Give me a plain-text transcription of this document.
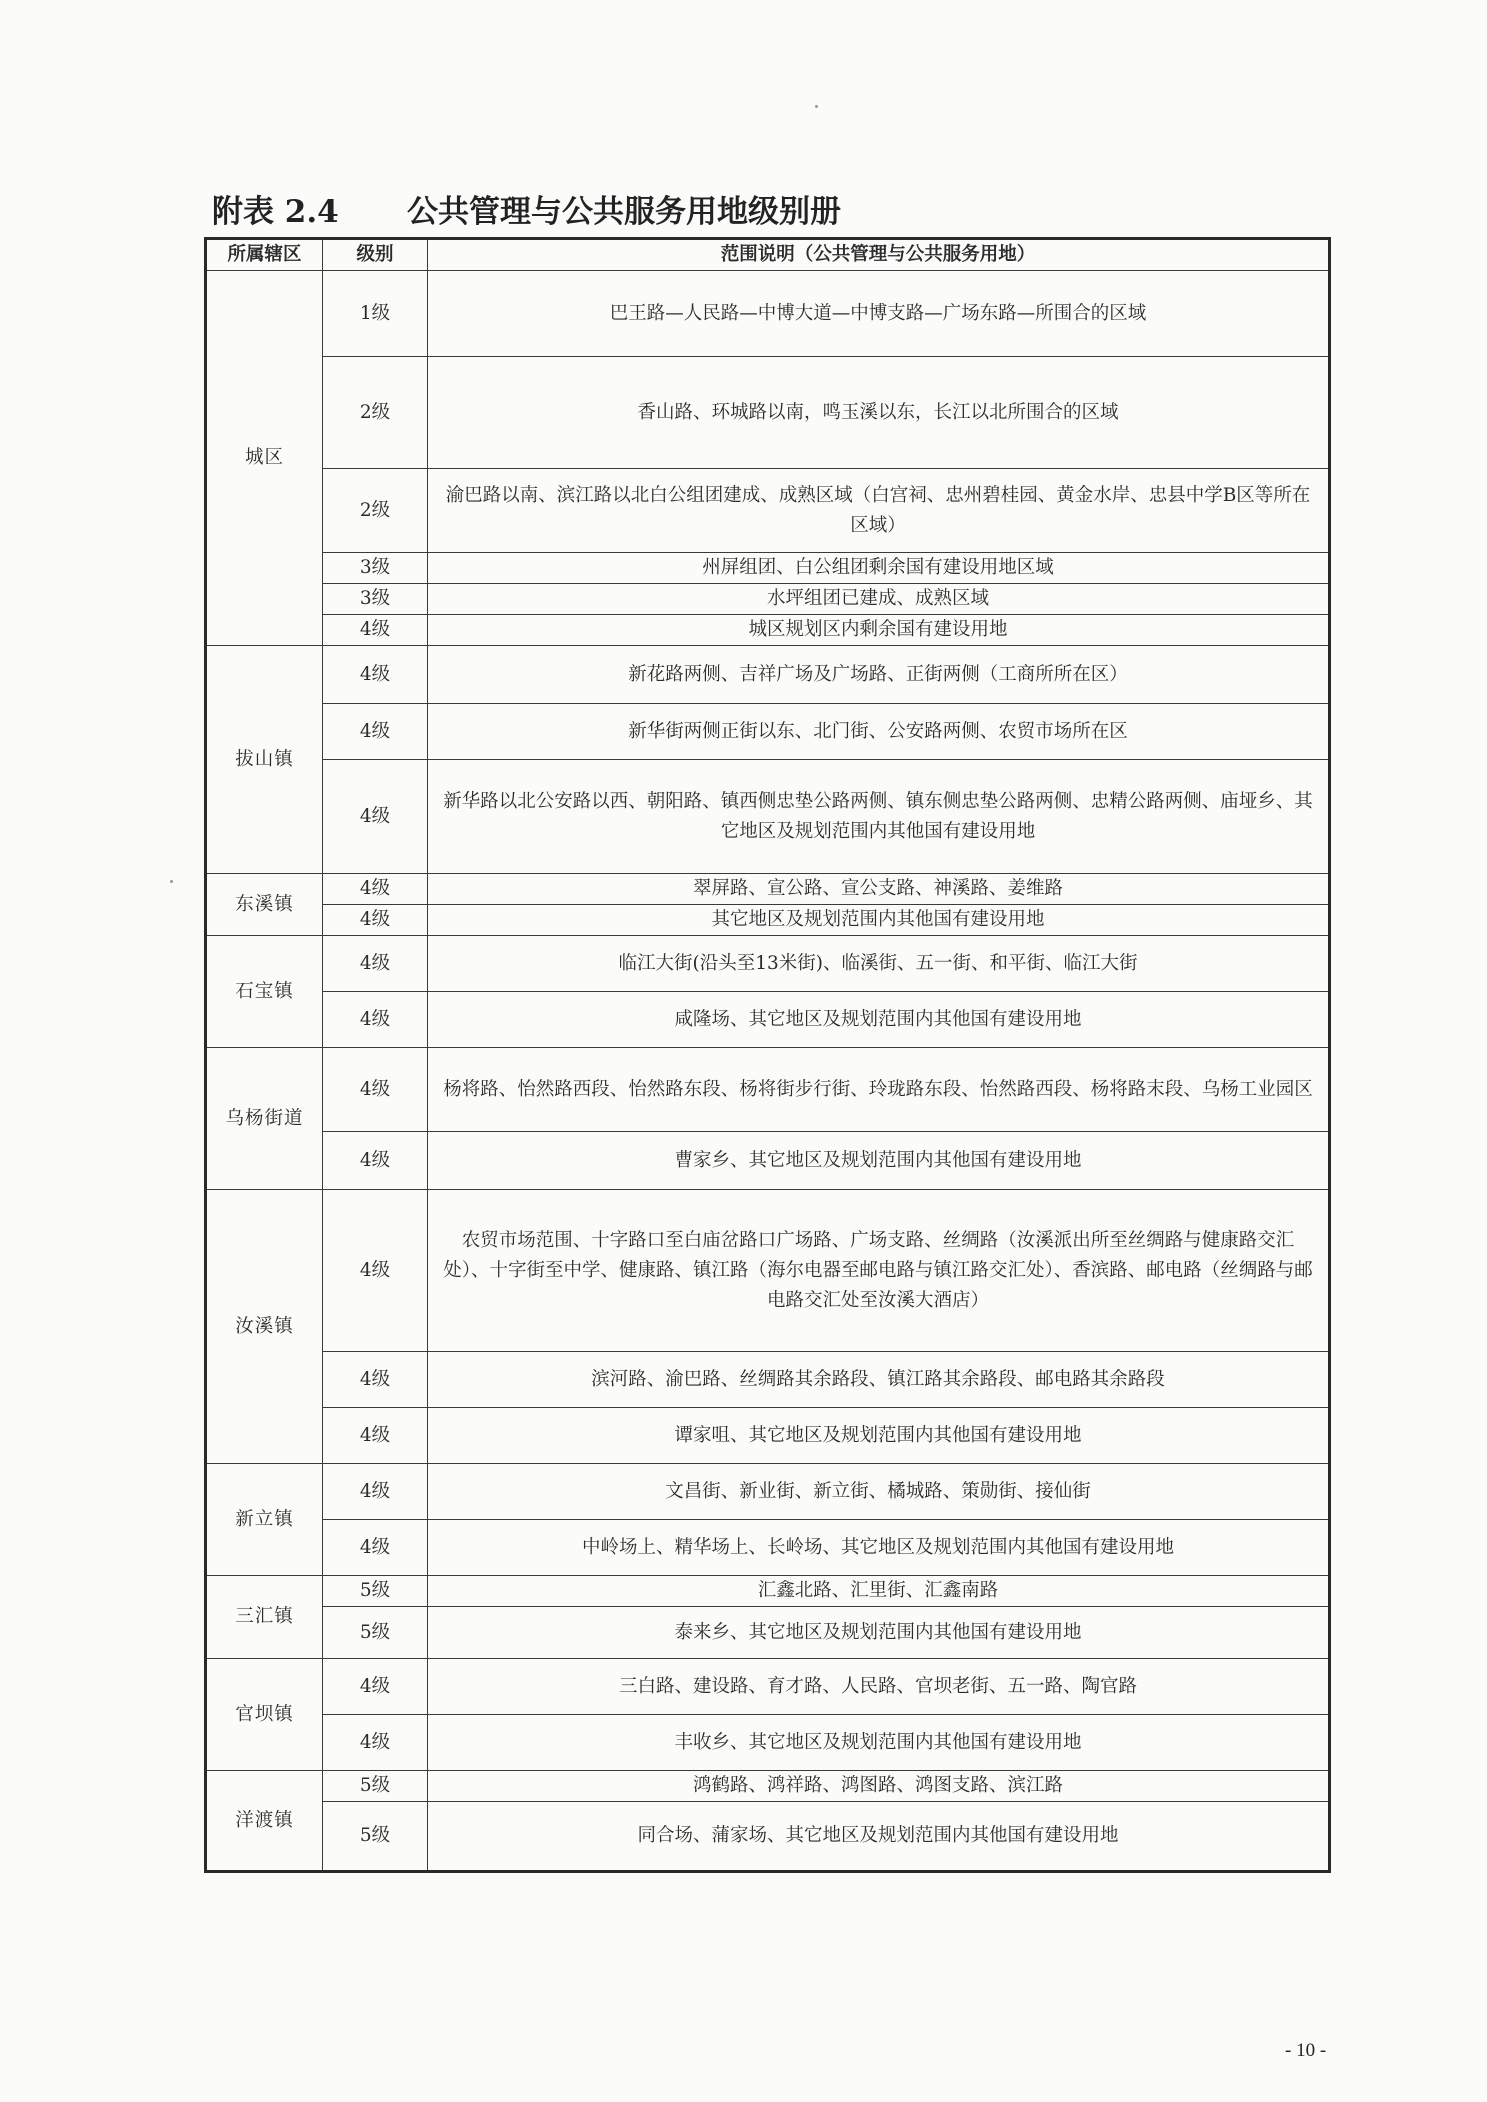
附表 2.4 公共管理与公共服务用地级别册
所属辖区	级别	范围说明（公共管理与公共服务用地）
城区	1级	巴王路—人民路—中博大道—中博支路—广场东路—所围合的区域
	2级	香山路、环城路以南，鸣玉溪以东，长江以北所围合的区域
	2级	渝巴路以南、滨江路以北白公组团建成、成熟区域（白宫祠、忠州碧桂园、黄金水岸、忠县中学B区等所在区域）
	3级	州屏组团、白公组团剩余国有建设用地区域
	3级	水坪组团已建成、成熟区域
	4级	城区规划区内剩余国有建设用地
拔山镇	4级	新花路两侧、吉祥广场及广场路、正街两侧（工商所所在区）
	4级	新华街两侧正街以东、北门街、公安路两侧、农贸市场所在区
	4级	新华路以北公安路以西、朝阳路、镇西侧忠垫公路两侧、镇东侧忠垫公路两侧、忠精公路两侧、庙垭乡、其它地区及规划范围内其他国有建设用地
东溪镇	4级	翠屏路、宣公路、宣公支路、神溪路、姜维路
	4级	其它地区及规划范围内其他国有建设用地
石宝镇	4级	临江大街(沿头至13米街)、临溪街、五一街、和平街、临江大街
	4级	咸隆场、其它地区及规划范围内其他国有建设用地
乌杨街道	4级	杨将路、怡然路西段、怡然路东段、杨将街步行街、玲珑路东段、怡然路西段、杨将路末段、乌杨工业园区
	4级	曹家乡、其它地区及规划范围内其他国有建设用地
汝溪镇	4级	农贸市场范围、十字路口至白庙岔路口广场路、广场支路、丝绸路（汝溪派出所至丝绸路与健康路交汇处）、十字街至中学、健康路、镇江路（海尔电器至邮电路与镇江路交汇处）、香滨路、邮电路（丝绸路与邮电路交汇处至汝溪大酒店）
	4级	滨河路、渝巴路、丝绸路其余路段、镇江路其余路段、邮电路其余路段
	4级	谭家咀、其它地区及规划范围内其他国有建设用地
新立镇	4级	文昌街、新业街、新立街、橘城路、策勋街、接仙街
	4级	中岭场上、精华场上、长岭场、其它地区及规划范围内其他国有建设用地
三汇镇	5级	汇鑫北路、汇里街、汇鑫南路
	5级	泰来乡、其它地区及规划范围内其他国有建设用地
官坝镇	4级	三白路、建设路、育才路、人民路、官坝老街、五一路、陶官路
	4级	丰收乡、其它地区及规划范围内其他国有建设用地
洋渡镇	5级	鸿鹤路、鸿祥路、鸿图路、鸿图支路、滨江路
	5级	同合场、蒲家场、其它地区及规划范围内其他国有建设用地
- 10 -
